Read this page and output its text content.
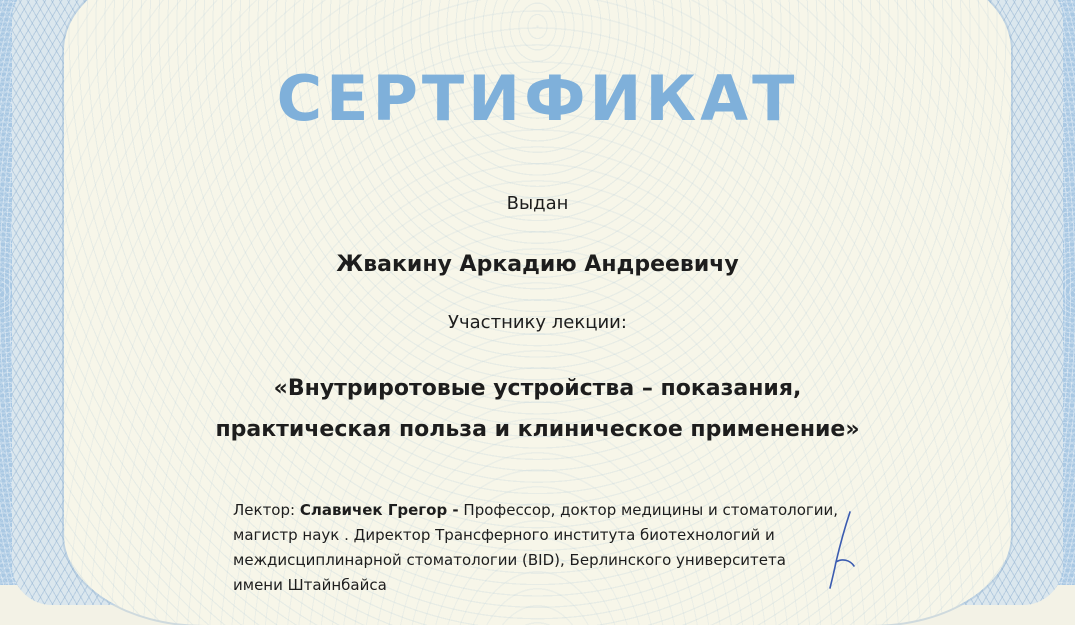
СЕРТИФИКАТ
Выдан
Жвакину Аркадию Андреевичу
Участнику лекции:
«Внутриротовые устройства – показания,
практическая польза и клиническое применение»
Лектор: Славичек Грегор - Профессор, доктор медицины и стоматологии,
магистр наук . Директор Трансферного института биотехнологий и
междисциплинарной стоматологии (BID), Берлинского университета
имени Штайнбайса
